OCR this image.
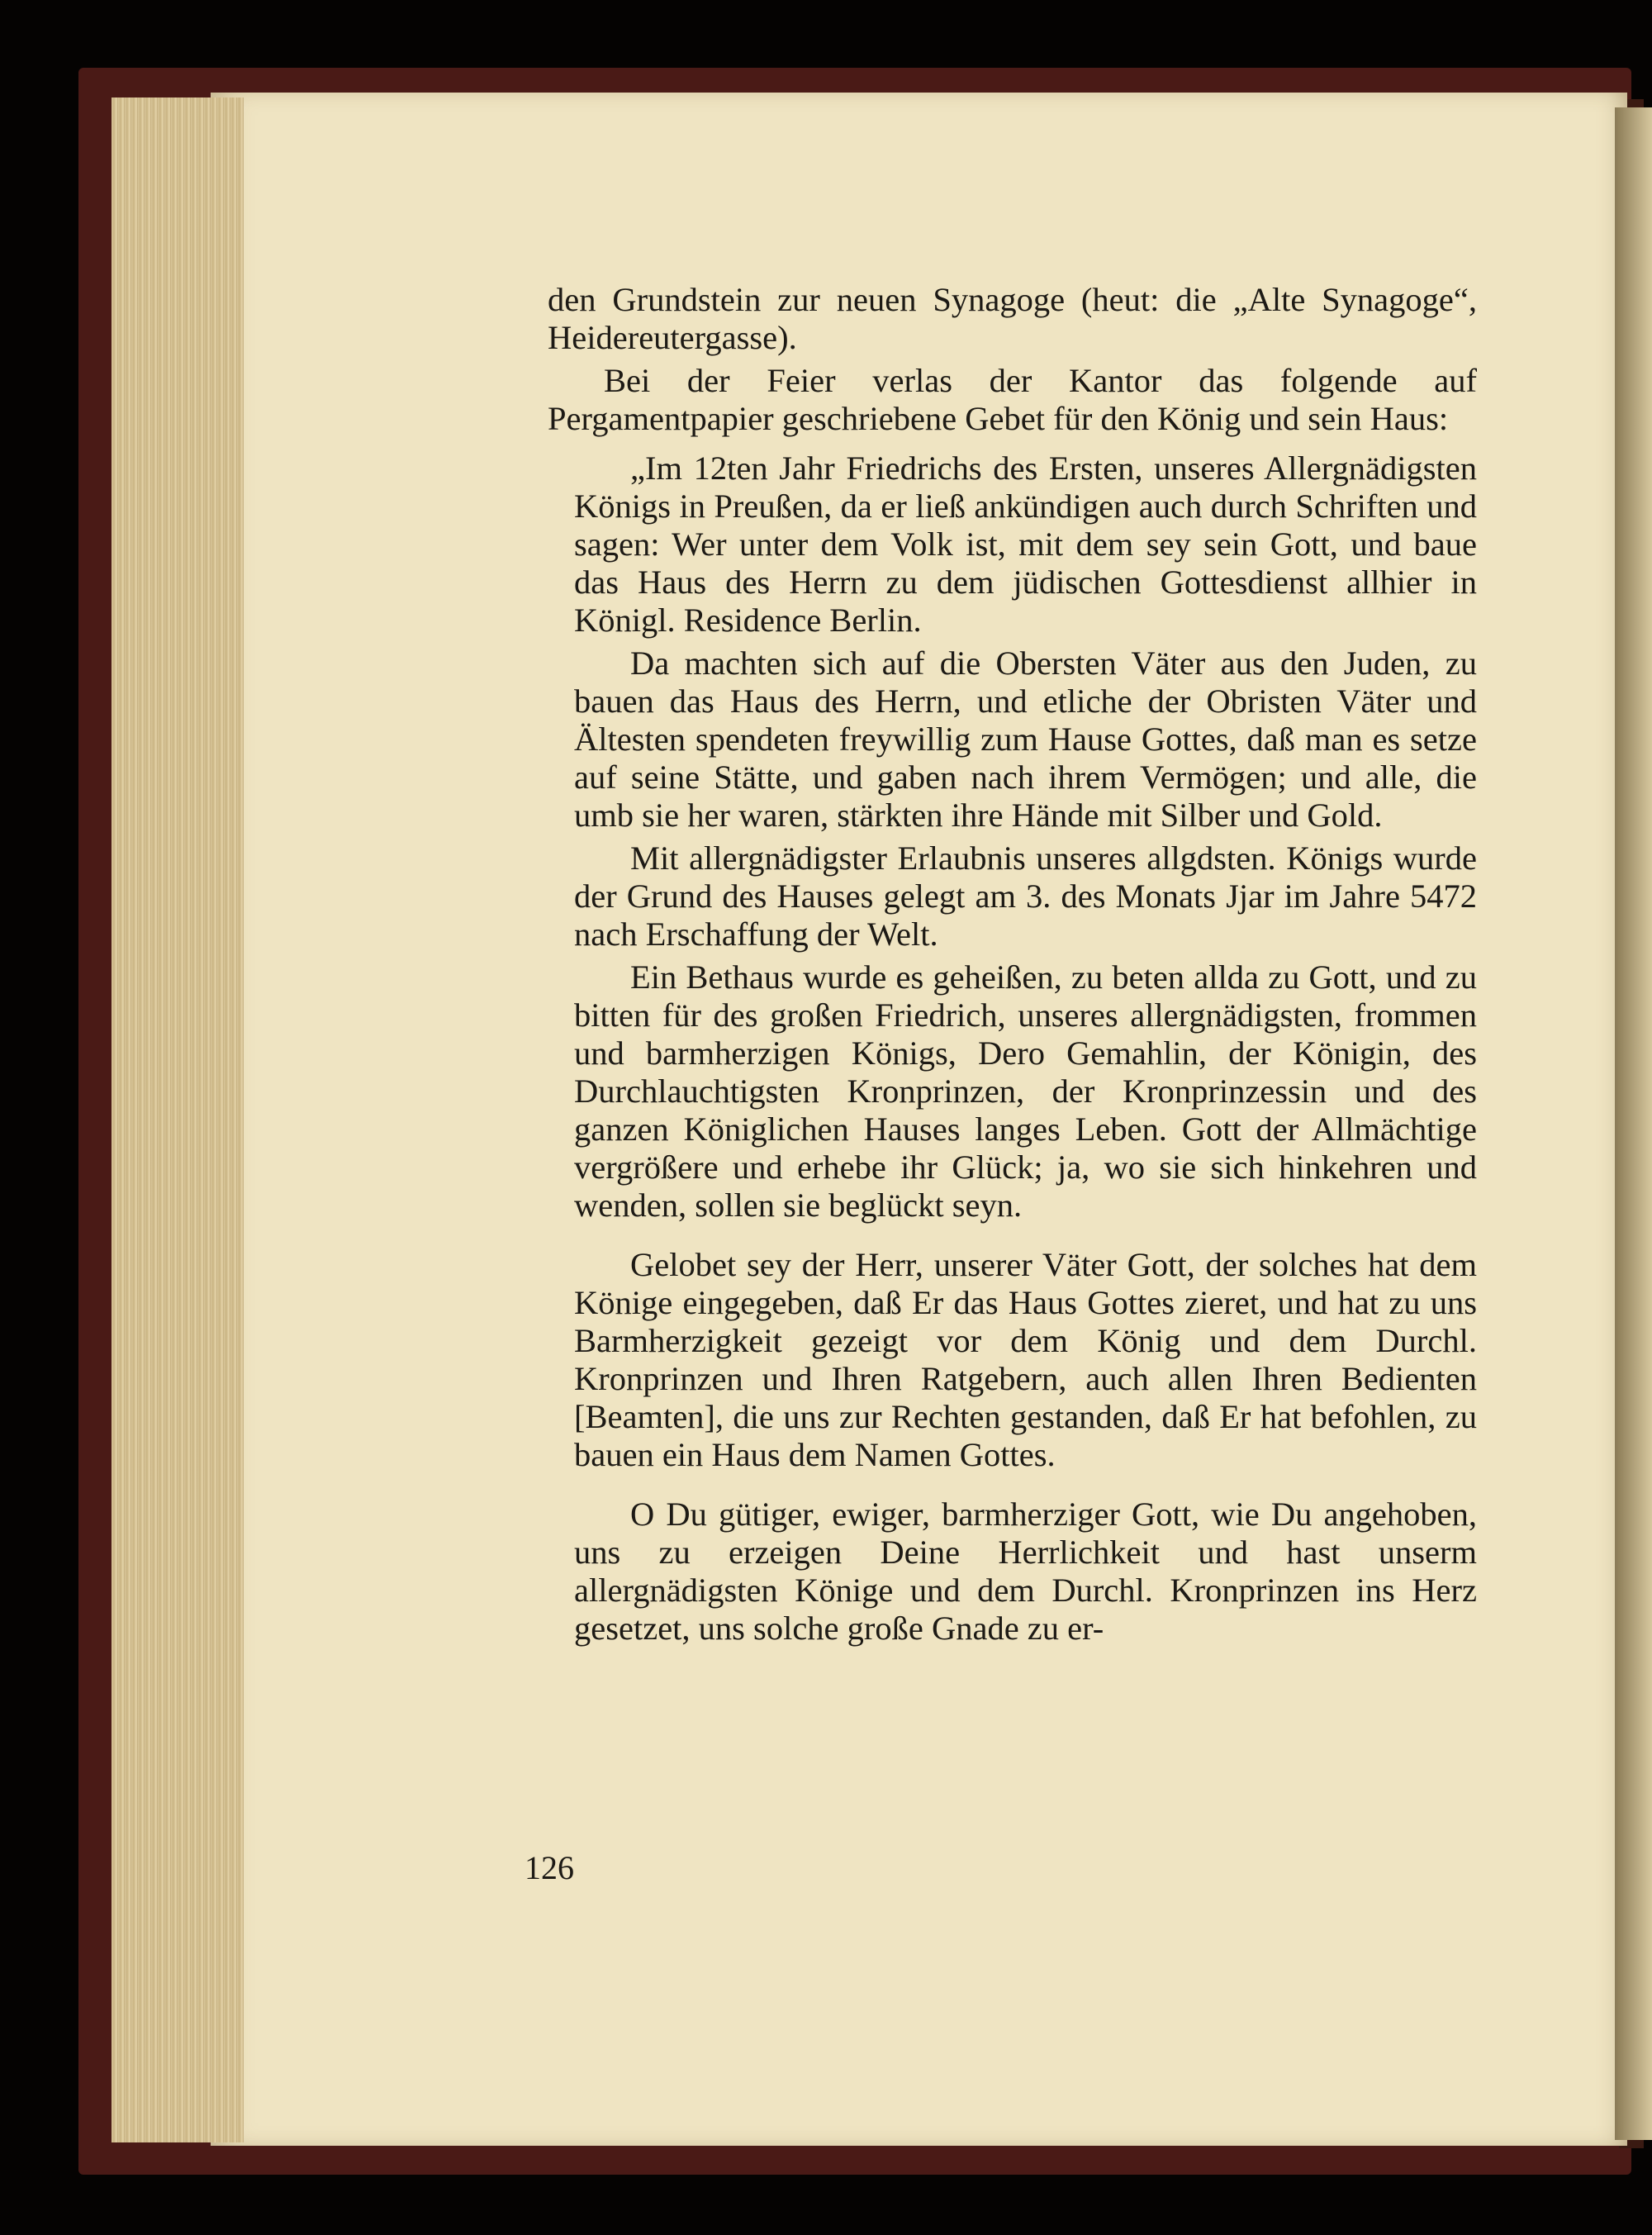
den Grundstein zur neuen Synagoge (heut: die „Alte Synagoge“, Heidereutergasse).

Bei der Feier verlas der Kantor das folgende auf Pergamentpapier geschriebene Gebet für den König und sein Haus:

„Im 12ten Jahr Friedrichs des Ersten, unseres Allergnädigsten Königs in Preußen, da er ließ ankündigen auch durch Schriften und sagen: Wer unter dem Volk ist, mit dem sey sein Gott, und baue das Haus des Herrn zu dem jüdischen Gottesdienst allhier in Königl. Residence Berlin.

Da machten sich auf die Obersten Väter aus den Juden, zu bauen das Haus des Herrn, und etliche der Obristen Väter und Ältesten spendeten freywillig zum Hause Gottes, daß man es setze auf seine Stätte, und gaben nach ihrem Vermögen; und alle, die umb sie her waren, stärkten ihre Hände mit Silber und Gold.

Mit allergnädigster Erlaubnis unseres allgdsten. Königs wurde der Grund des Hauses gelegt am 3. des Monats Jjar im Jahre 5472 nach Erschaffung der Welt.

Ein Bethaus wurde es geheißen, zu beten allda zu Gott, und zu bitten für des großen Friedrich, unseres allergnädigsten, frommen und barmherzigen Königs, Dero Gemahlin, der Königin, des Durchlauchtigsten Kronprinzen, der Kronprinzessin und des ganzen Königlichen Hauses langes Leben. Gott der Allmächtige vergrößere und erhebe ihr Glück; ja, wo sie sich hinkehren und wenden, sollen sie beglückt seyn.

Gelobet sey der Herr, unserer Väter Gott, der solches hat dem Könige eingegeben, daß Er das Haus Gottes zieret, und hat zu uns Barmherzigkeit gezeigt vor dem König und dem Durchl. Kronprinzen und Ihren Ratgebern, auch allen Ihren Bedienten [Beamten], die uns zur Rechten gestanden, daß Er hat befohlen, zu bauen ein Haus dem Namen Gottes.

O Du gütiger, ewiger, barmherziger Gott, wie Du angehoben, uns zu erzeigen Deine Herrlichkeit und hast unserm allergnädigsten Könige und dem Durchl. Kronprinzen ins Herz gesetzet, uns solche große Gnade zu er-

126
